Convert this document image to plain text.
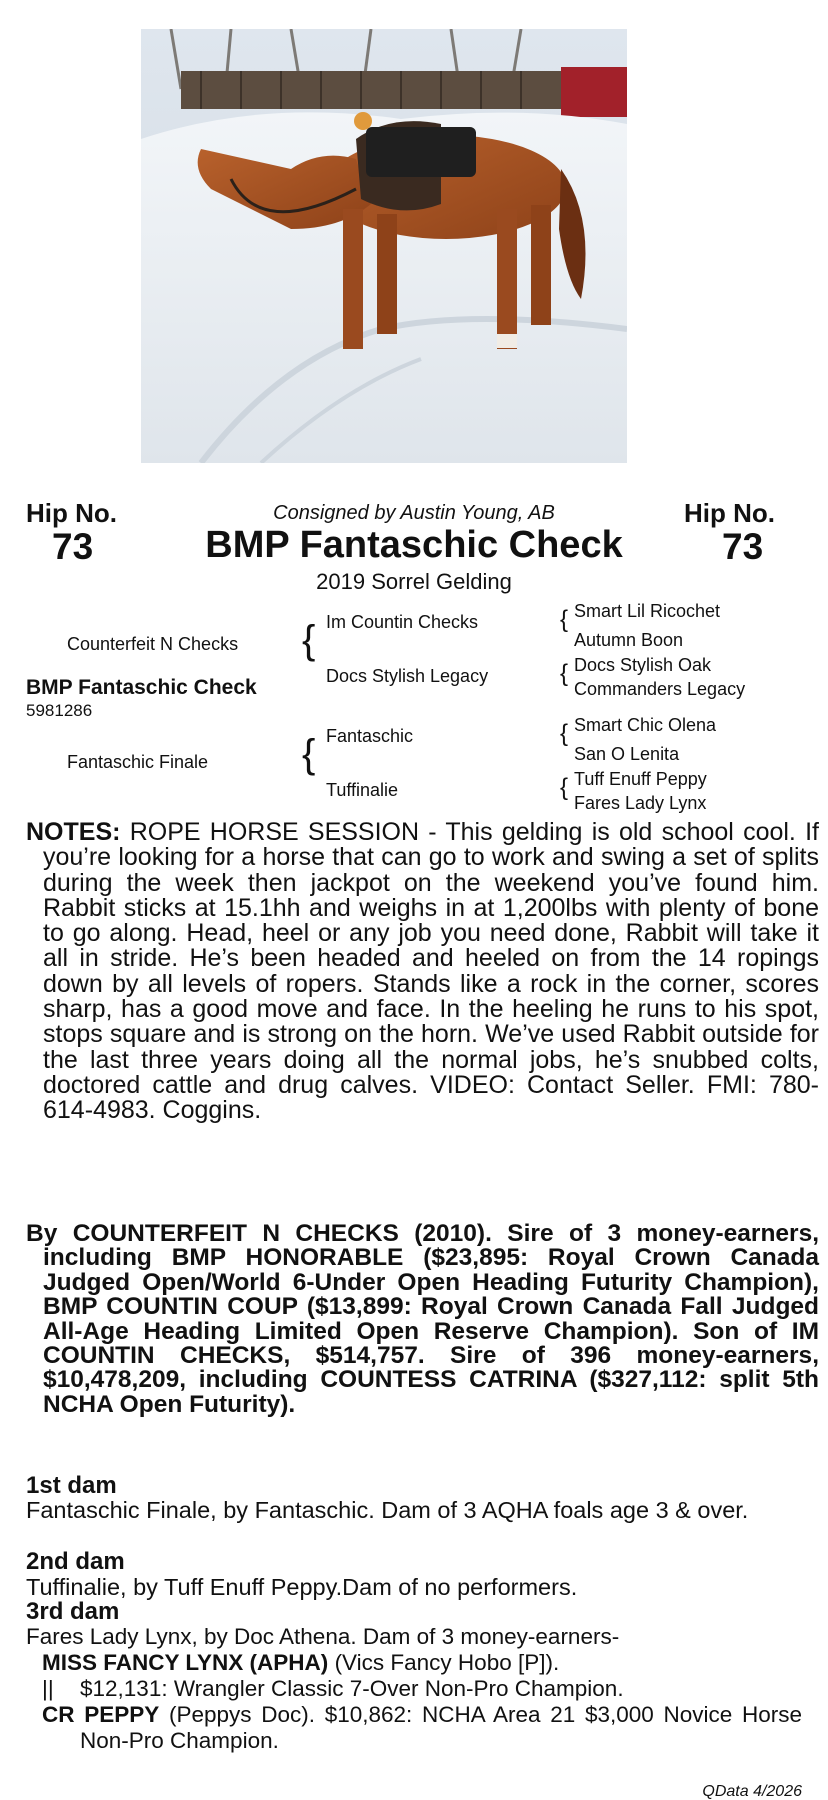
Hip No.	Consigned by Austin Young, AB	Hip No.
73	BMP Fantaschic Check	73
2019 Sorrel Gelding
Counterfeit N Checks { Im Countin Checks
Docs Stylish Legacy
{ Smart Lil Ricochet
Autumn Boon
{ Docs Stylish Oak
Commanders Legacy
BMP Fantaschic Check
5981286
Fantaschic Finale { Fantaschic
Tuffinalie
{ Smart Chic Olena
San O Lenita
{ Tuff Enuff Peppy
Fares Lady Lynx
NOTES: ROPE HORSE SESSION - This gelding is old school cool. If you’re looking for a horse that can go to work and swing a set of splits during the week then jackpot on the weekend you’ve found him. Rabbit sticks at 15.1hh and weighs in at 1,200lbs with plenty of bone to go along. Head, heel or any job you need done, Rabbit will take it all in stride. He’s been headed and heeled on from the 14 ropings down by all levels of ropers. Stands like a rock in the corner, scores sharp, has a good move and face. In the heeling he runs to his spot, stops square and is strong on the horn. We’ve used Rabbit outside for the last three years doing all the normal jobs, he’s snubbed colts, doctored cattle and drug calves. VIDEO: Contact Seller. FMI: 780-614-4983. Coggins.
By COUNTERFEIT N CHECKS (2010). Sire of 3 money-earners, including BMP HONORABLE ($23,895: Royal Crown Canada Judged Open/World 6-Under Open Heading Futurity Champion), BMP COUNTIN COUP ($13,899: Royal Crown Canada Fall Judged All-Age Heading Limited Open Reserve Champion). Son of IM COUNTIN CHECKS, $514,757. Sire of 396 money-earners, $10,478,209, including COUNTESS CATRINA ($327,112: split 5th NCHA Open Futurity).
1st dam
Fantaschic Finale, by Fantaschic. Dam of 3 AQHA foals age 3 & over.
2nd dam
Tuffinalie, by Tuff Enuff Peppy.Dam of no performers.
3rd dam
Fares Lady Lynx, by Doc Athena. Dam of 3 money-earners-
MISS FANCY LYNX (APHA) (Vics Fancy Hobo [P]).
|| $12,131: Wrangler Classic 7-Over Non-Pro Champion.
CR PEPPY (Peppys Doc). $10,862: NCHA Area 21 $3,000 Novice Horse Non-Pro Champion.
QData 4/2026
